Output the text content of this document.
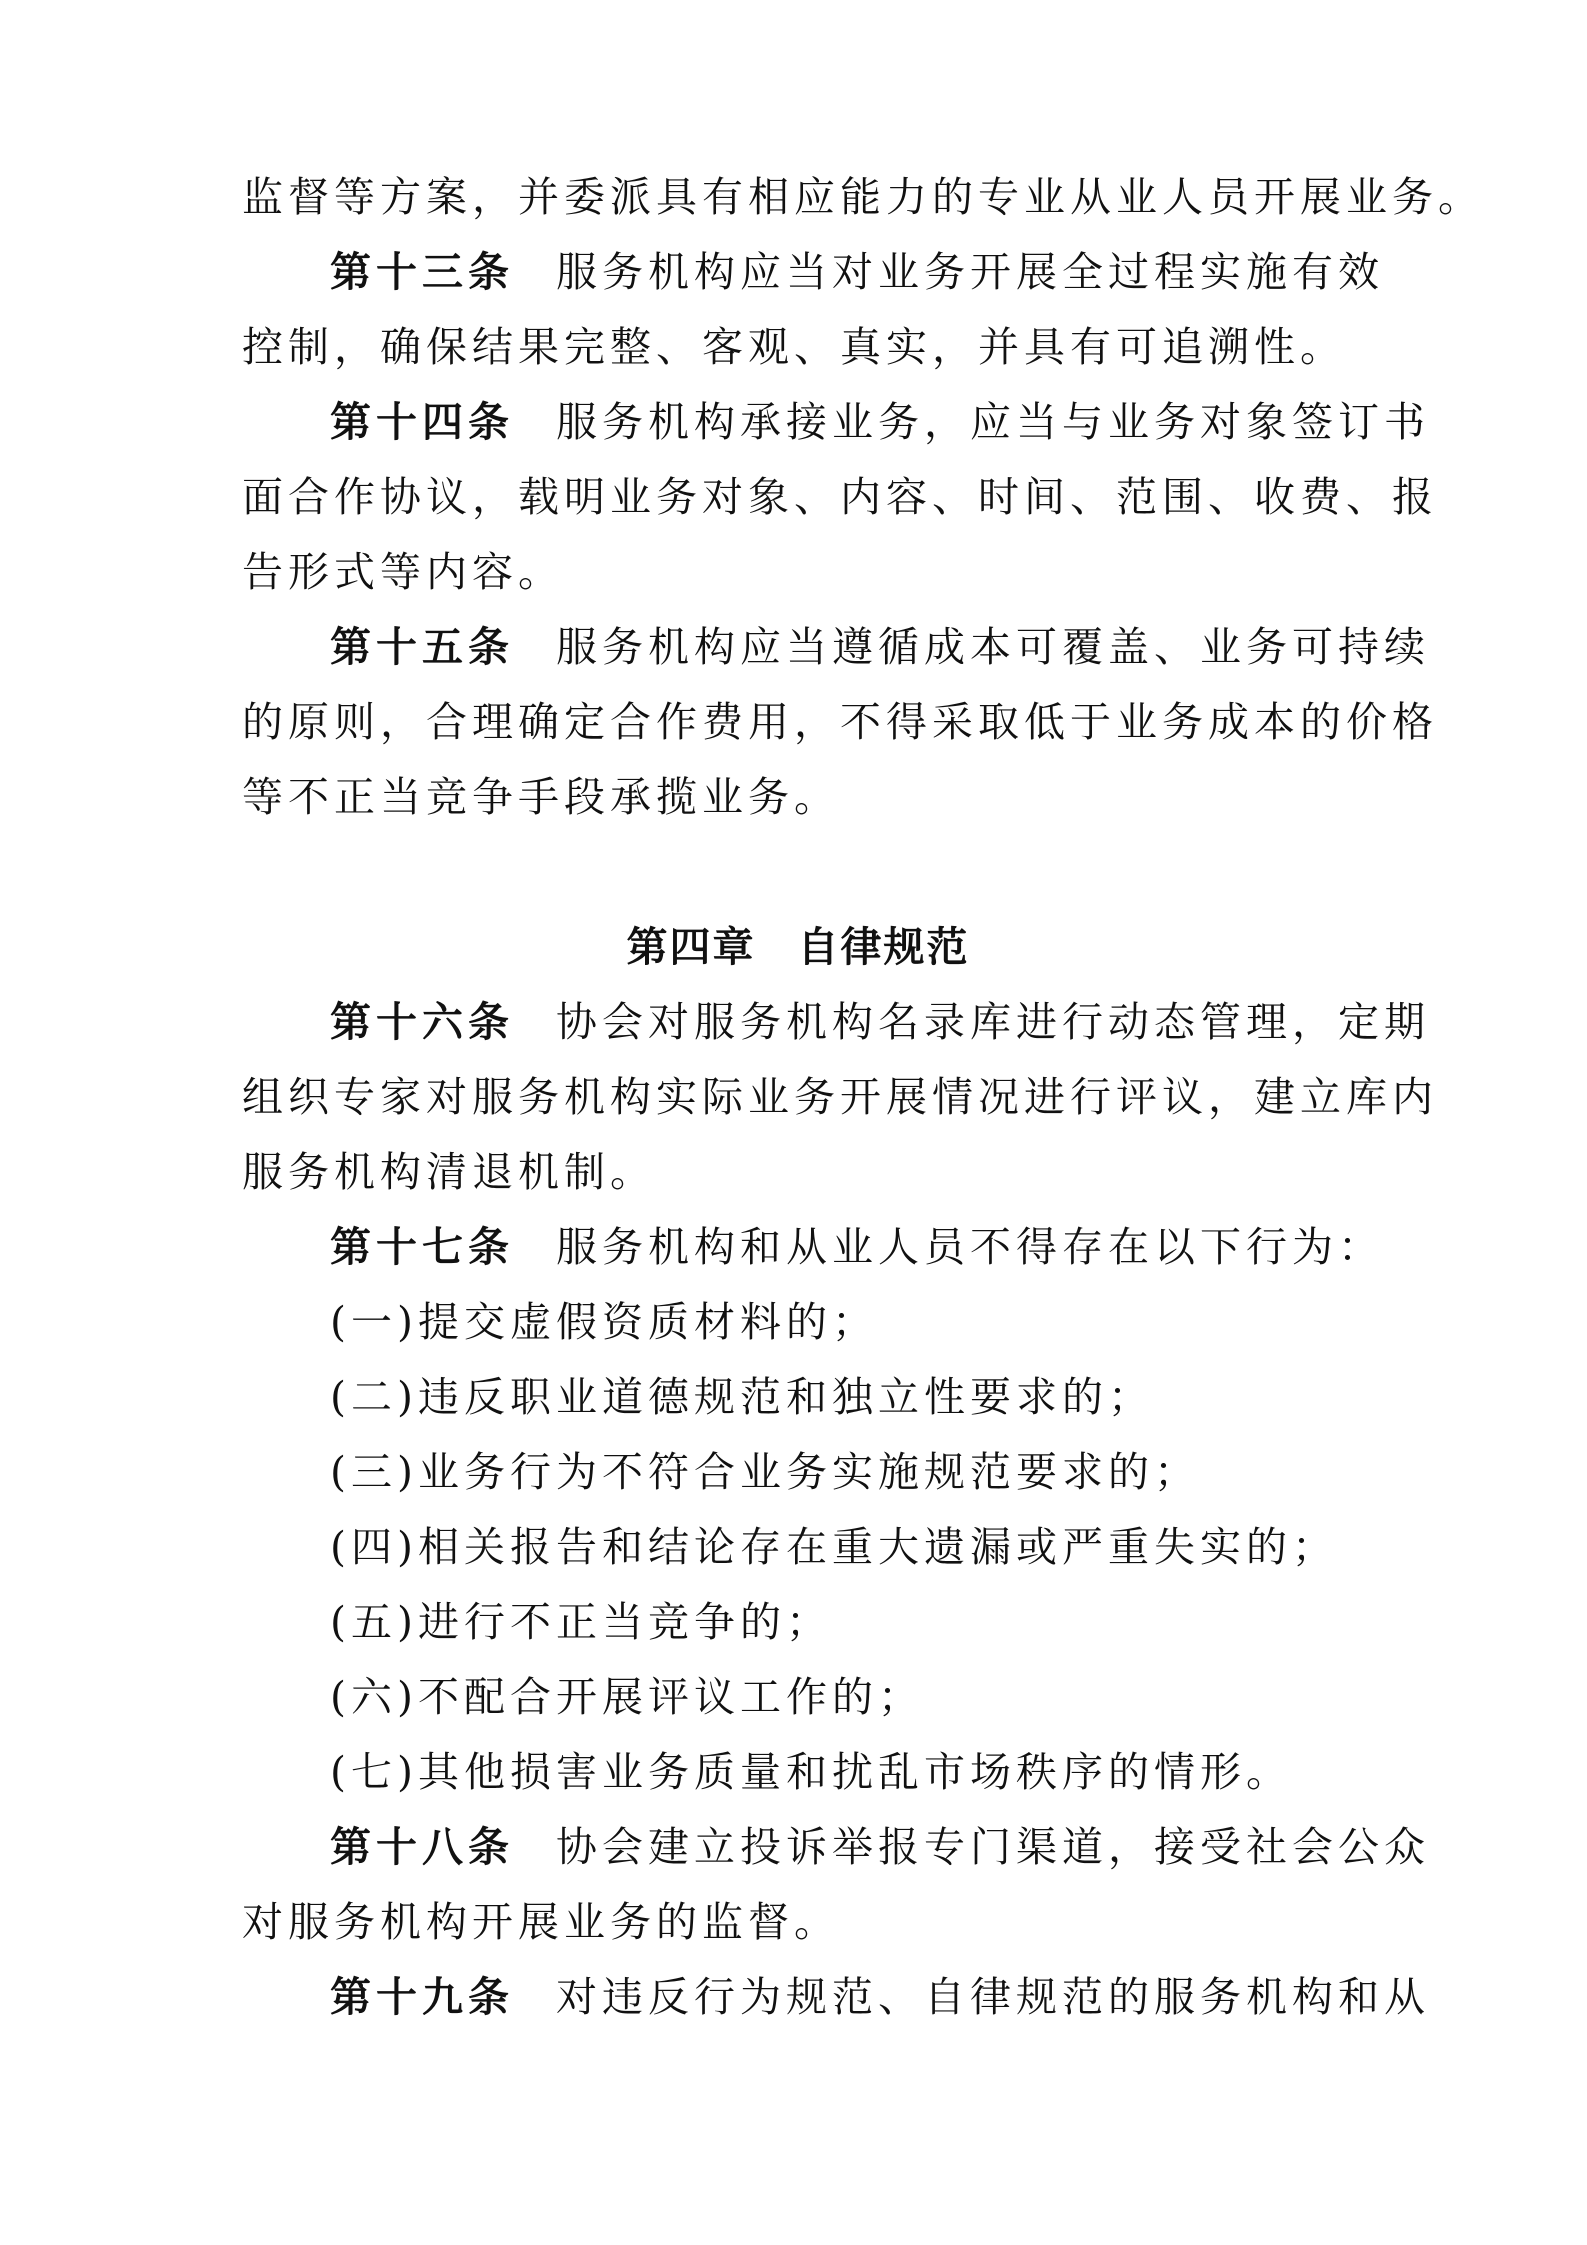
监督等方案，并委派具有相应能力的专业从业人员开展业务。
第十三条 服务机构应当对业务开展全过程实施有效
控制，确保结果完整、客观、真实，并具有可追溯性。
第十四条 服务机构承接业务，应当与业务对象签订书
面合作协议，载明业务对象、内容、时间、范围、收费、报
告形式等内容。
第十五条 服务机构应当遵循成本可覆盖、业务可持续
的原则，合理确定合作费用，不得采取低于业务成本的价格
等不正当竞争手段承揽业务。
第四章 自律规范
第十六条 协会对服务机构名录库进行动态管理，定期
组织专家对服务机构实际业务开展情况进行评议，建立库内
服务机构清退机制。
第十七条 服务机构和从业人员不得存在以下行为：
(一)提交虚假资质材料的；
(二)违反职业道德规范和独立性要求的；
(三)业务行为不符合业务实施规范要求的；
(四)相关报告和结论存在重大遗漏或严重失实的；
(五)进行不正当竞争的；
(六)不配合开展评议工作的；
(七)其他损害业务质量和扰乱市场秩序的情形。
第十八条 协会建立投诉举报专门渠道，接受社会公众
对服务机构开展业务的监督。
第十九条 对违反行为规范、自律规范的服务机构和从
